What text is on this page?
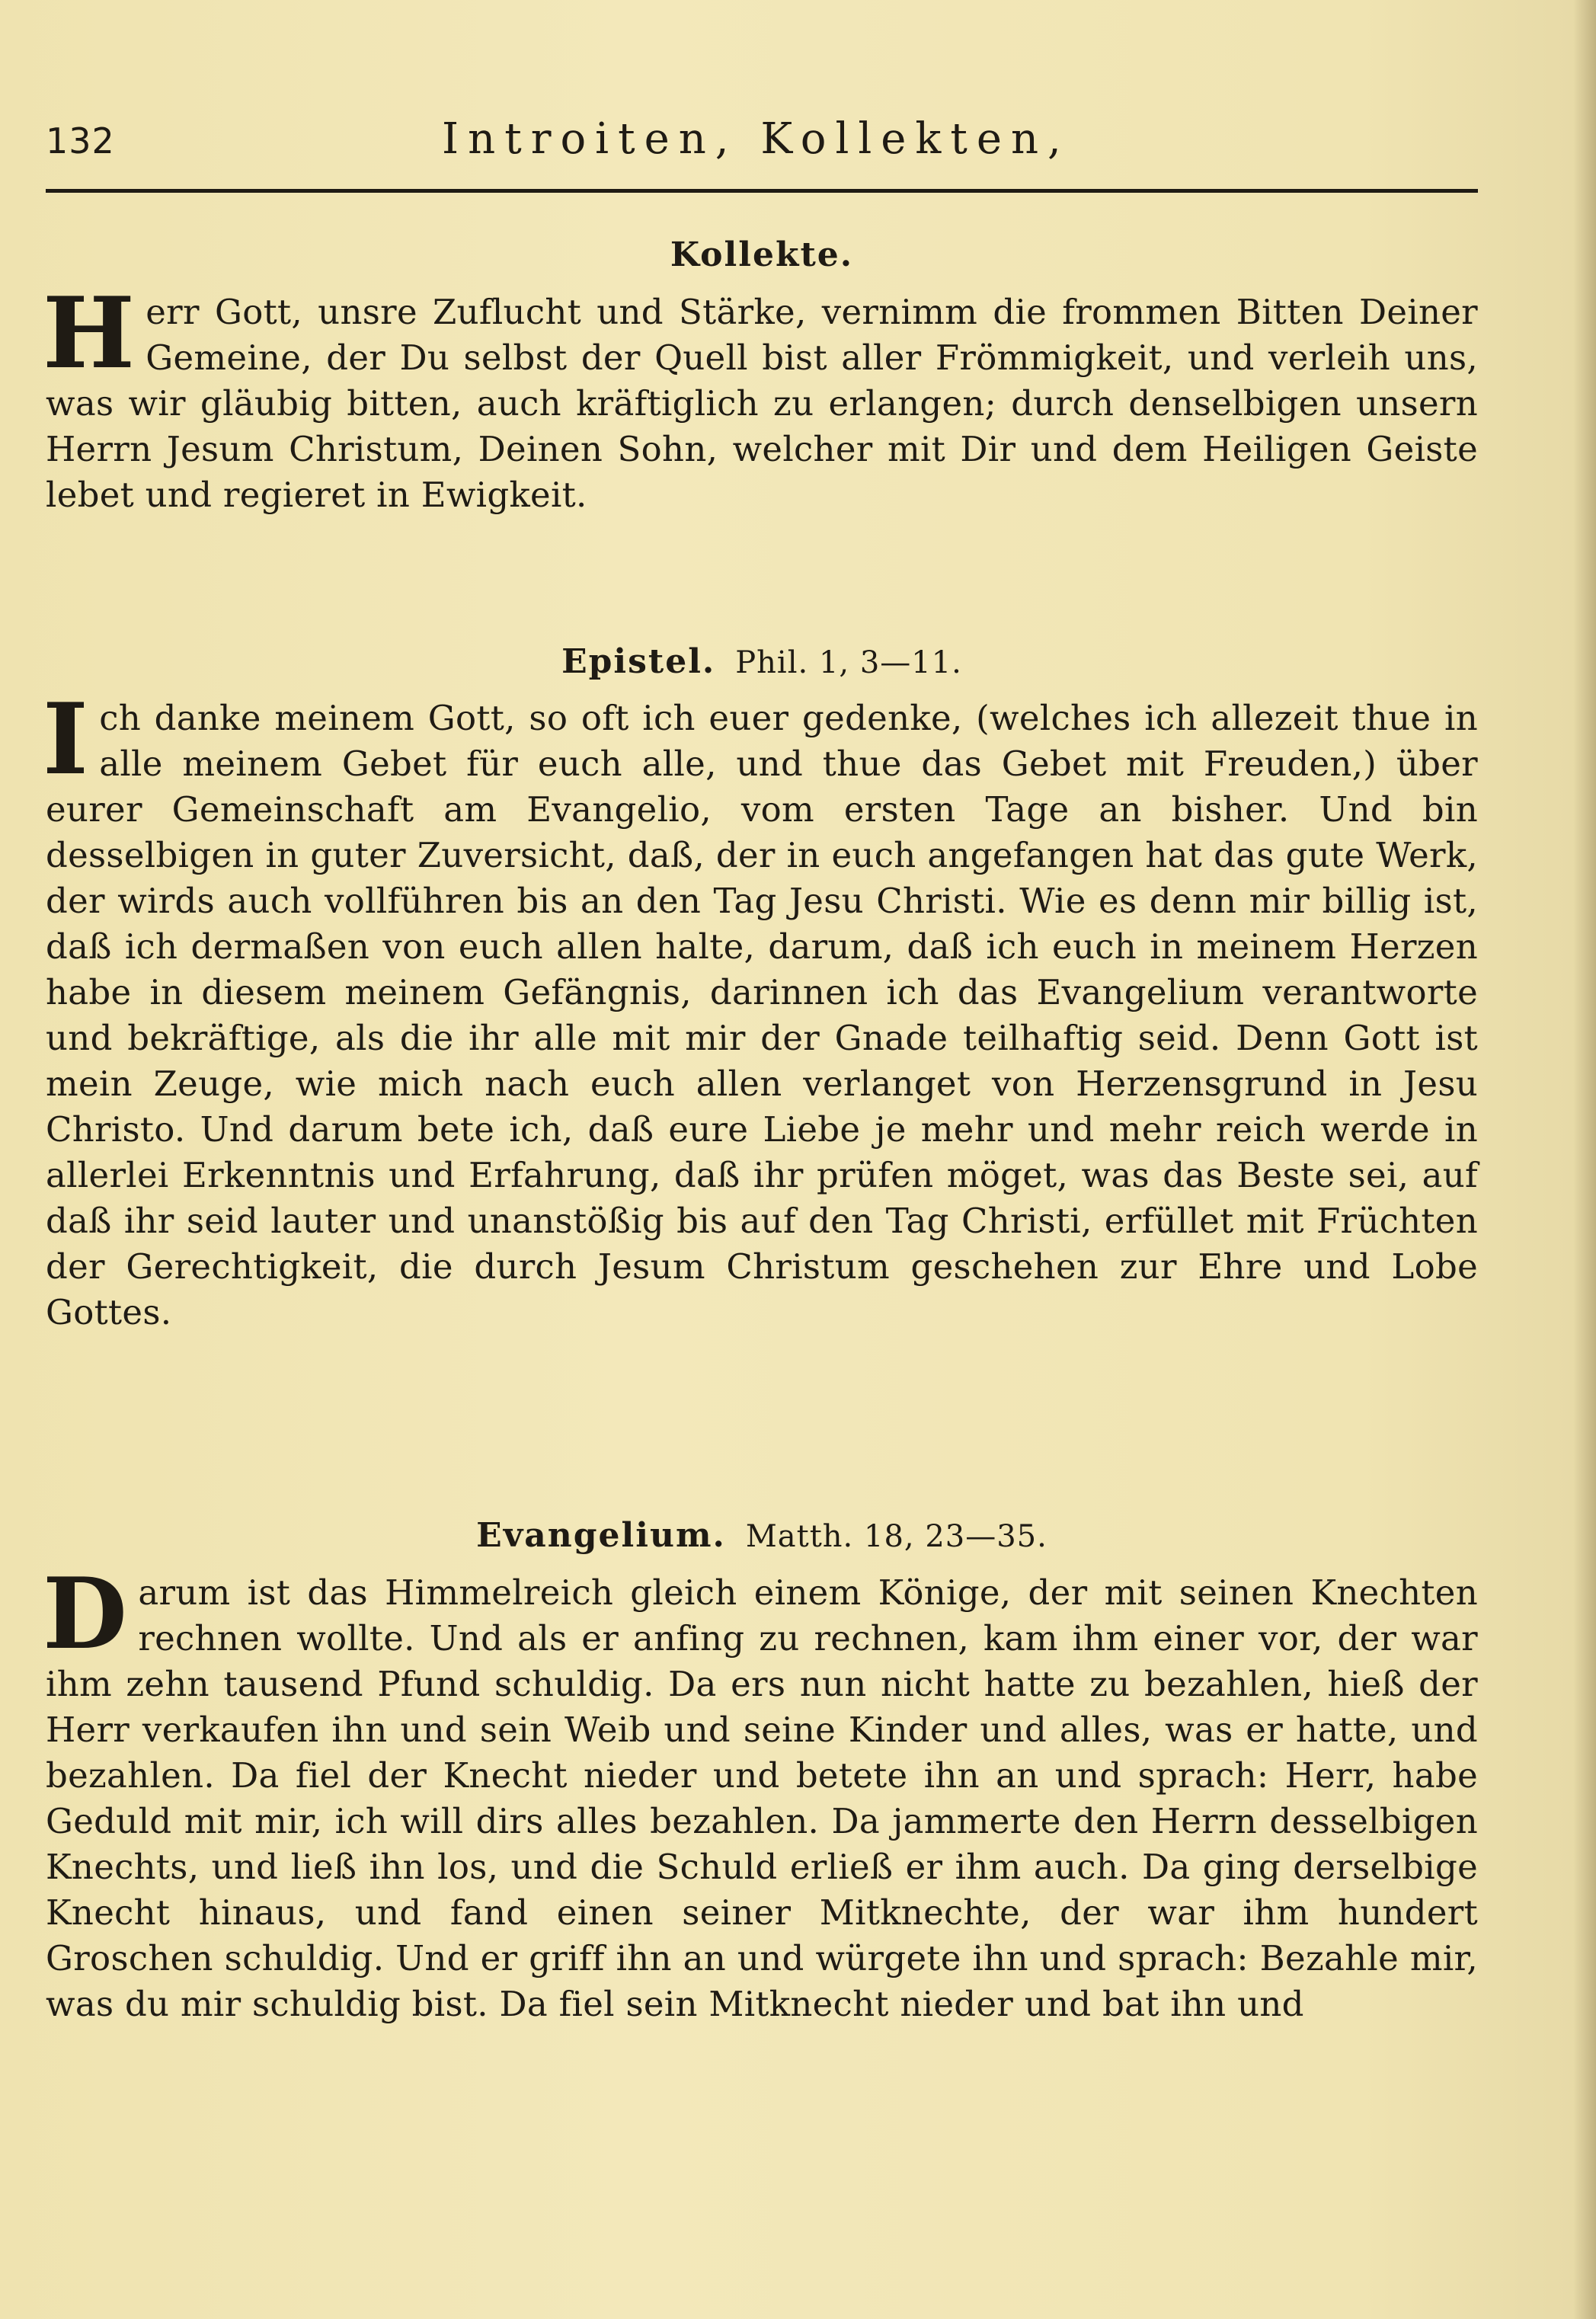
132	Introiten, Kollekten,
Kollekte.

Herr Gott, unsre Zuflucht und Stärke, vernimm die frommen Bitten Deiner Gemeine, der Du selbst der Quell bist aller Frömmigkeit, und verleih uns, was wir gläubig bitten, auch kräftiglich zu erlangen; durch denselbigen unsern Herrn Jesum Christum, Deinen Sohn, welcher mit Dir und dem Heiligen Geiste lebet und regieret in Ewigkeit.

Epistel. Phil. 1, 3—11.

Ich danke meinem Gott, so oft ich euer gedenke, (welches ich allezeit thue in alle meinem Gebet für euch alle, und thue das Gebet mit Freuden,) über eurer Gemeinschaft am Evangelio, vom ersten Tage an bisher. Und bin desselbigen in guter Zuversicht, daß, der in euch angefangen hat das gute Werk, der wirds auch vollführen bis an den Tag Jesu Christi. Wie es denn mir billig ist, daß ich dermaßen von euch allen halte, darum, daß ich euch in meinem Herzen habe in diesem meinem Gefängnis, darinnen ich das Evangelium verantworte und bekräftige, als die ihr alle mit mir der Gnade teilhaftig seid. Denn Gott ist mein Zeuge, wie mich nach euch allen verlanget von Herzensgrund in Jesu Christo. Und darum bete ich, daß eure Liebe je mehr und mehr reich werde in allerlei Erkenntnis und Erfahrung, daß ihr prüfen möget, was das Beste sei, auf daß ihr seid lauter und unanstößig bis auf den Tag Christi, erfüllet mit Früchten der Gerechtigkeit, die durch Jesum Christum geschehen zur Ehre und Lobe Gottes.

Evangelium. Matth. 18, 23—35.

Darum ist das Himmelreich gleich einem Könige, der mit seinen Knechten rechnen wollte. Und als er anfing zu rechnen, kam ihm einer vor, der war ihm zehn tausend Pfund schuldig. Da ers nun nicht hatte zu bezahlen, hieß der Herr verkaufen ihn und sein Weib und seine Kinder und alles, was er hatte, und bezahlen. Da fiel der Knecht nieder und betete ihn an und sprach: Herr, habe Geduld mit mir, ich will dirs alles bezahlen. Da jammerte den Herrn desselbigen Knechts, und ließ ihn los, und die Schuld erließ er ihm auch. Da ging derselbige Knecht hinaus, und fand einen seiner Mitknechte, der war ihm hundert Groschen schuldig. Und er griff ihn an und würgete ihn und sprach: Bezahle mir, was du mir schuldig bist. Da fiel sein Mitknecht nieder und bat ihn und
